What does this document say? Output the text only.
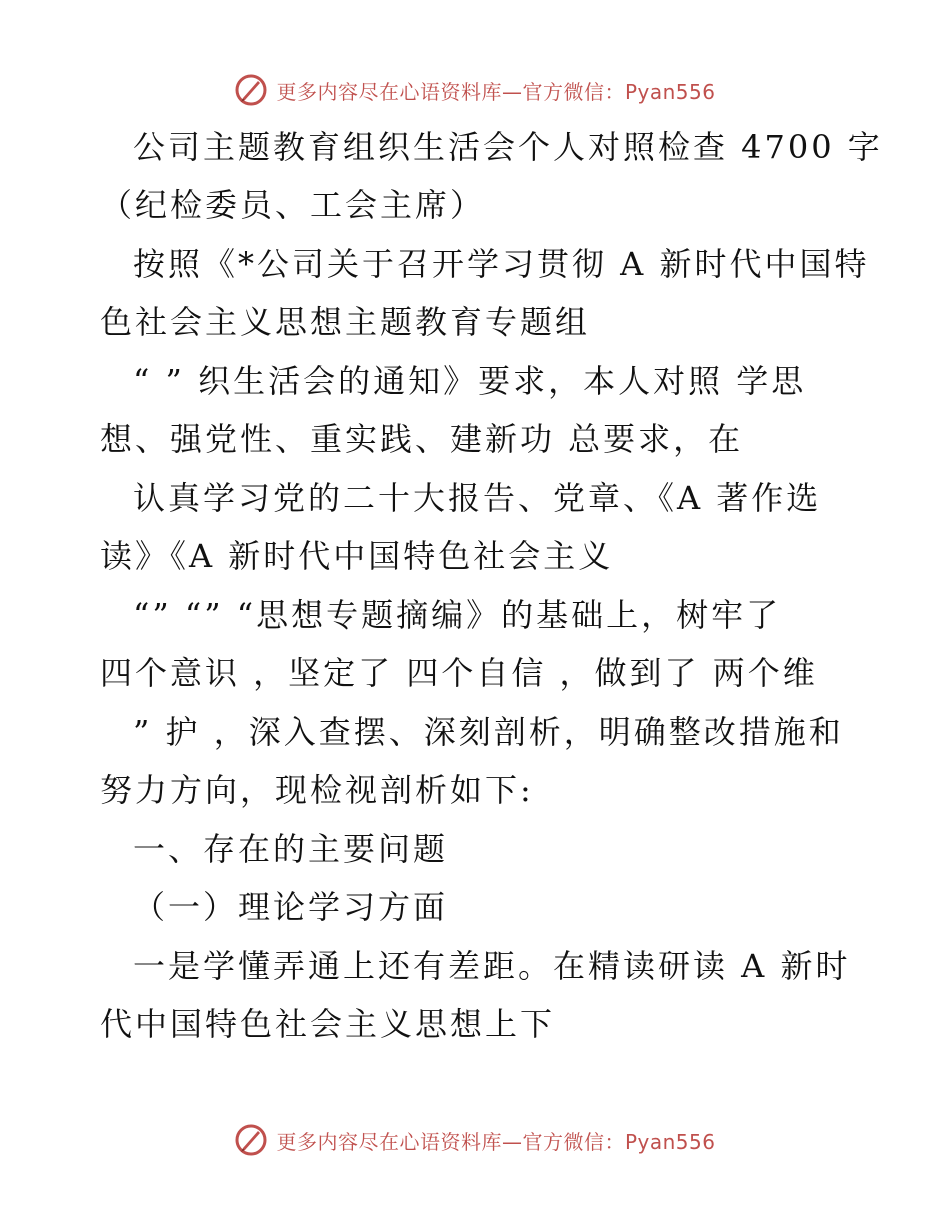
更多内容尽在心语资料库—官方微信：Pyan556
公司主题教育组织生活会个人对照检查 4700 字
（纪检委员、工会主席）
按照《*公司关于召开学习贯彻 A 新时代中国特
色社会主义思想主题教育专题组
“ ” 织生活会的通知》要求，本人对照 学思
想、强党性、重实践、建新功 总要求，在
认真学习党的二十大报告、党章、《A 著作选
读》《A 新时代中国特色社会主义
“” “” “思想专题摘编》的基础上，树牢了
四个意识 ，坚定了 四个自信 ，做到了 两个维
” 护 ，深入查摆、深刻剖析，明确整改措施和
努力方向，现检视剖析如下:
一、存在的主要问题
（一）理论学习方面
一是学懂弄通上还有差距。在精读研读 A 新时
代中国特色社会主义思想上下
更多内容尽在心语资料库—官方微信：Pyan556
